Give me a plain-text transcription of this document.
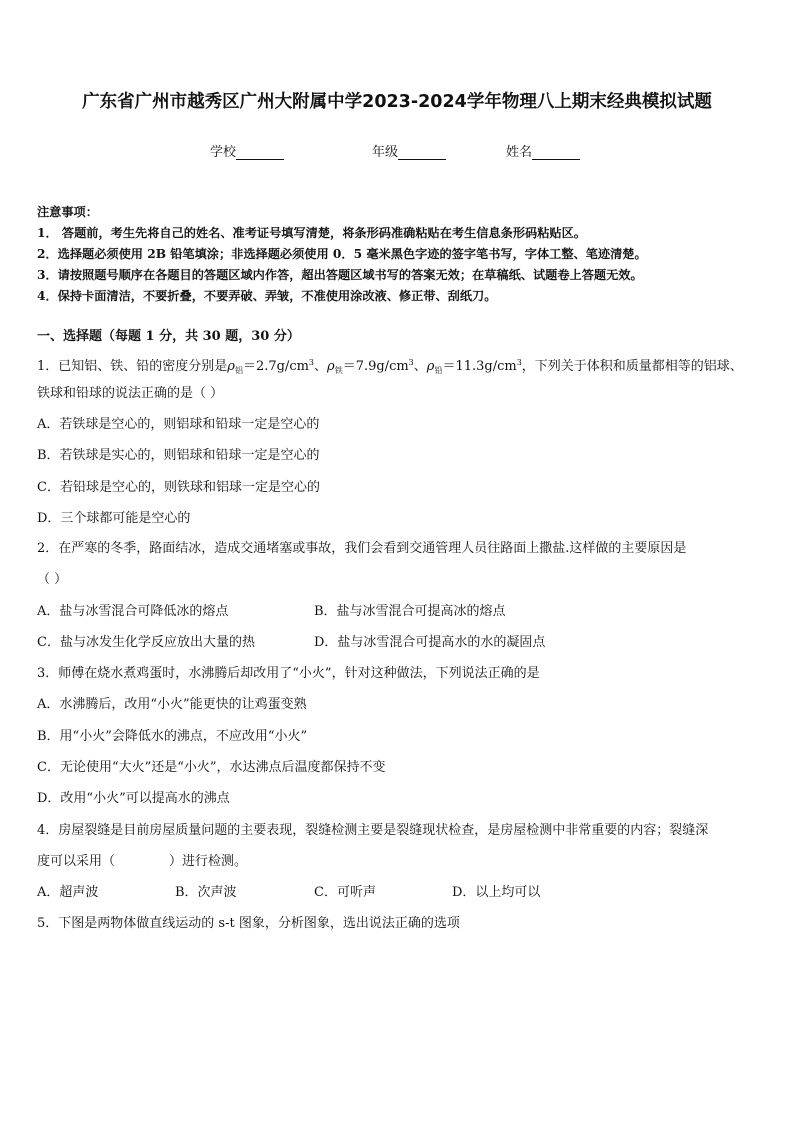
广东省广州市越秀区广州大附属中学2023-2024学年物理八上期末经典模拟试题
学校	年级	姓名
注意事项：
1． 答题前，考生先将自己的姓名、准考证号填写清楚，将条形码准确粘贴在考生信息条形码粘贴区。
2．选择题必须使用 2B 铅笔填涂；非选择题必须使用 0．5 毫米黑色字迹的签字笔书写，字体工整、笔迹清楚。
3．请按照题号顺序在各题目的答题区域内作答，超出答题区域书写的答案无效；在草稿纸、试题卷上答题无效。
4．保持卡面清洁，不要折叠，不要弄破、弄皱，不准使用涂改液、修正带、刮纸刀。
一、选择题（每题 1 分，共 30 题，30 分）
1．已知铝、铁、铅的密度分别是$\rho_铝=2.7g/cm^3$、$\rho_铁=7.9g/cm^3$、$\rho_铅=11.3g/cm^3$，下列关于体积和质量都相等的铝球、
铁球和铅球的说法正确的是（ ）
A．若铁球是空心的，则铝球和铅球一定是空心的
B．若铁球是实心的，则铝球和铅球一定是空心的
C．若铅球是空心的，则铁球和铝球一定是空心的
D．三个球都可能是空心的
2．在严寒的冬季，路面结冰，造成交通堵塞或事故，我们会看到交通管理人员往路面上撒盐.这样做的主要原因是
（ ）
A．盐与冰雪混合可降低冰的熔点	B．盐与冰雪混合可提高冰的熔点
C．盐与冰发生化学反应放出大量的热	D．盐与冰雪混合可提高水的水的凝固点
3．师傅在烧水煮鸡蛋时，水沸腾后却改用了“小火”，针对这种做法，下列说法正确的是
A．水沸腾后，改用“小火”能更快的让鸡蛋变熟
B．用“小火”会降低水的沸点，不应改用“小火”
C．无论使用“大火”还是“小火”，水达沸点后温度都保持不变
D．改用“小火”可以提高水的沸点
4．房屋裂缝是目前房屋质量问题的主要表现，裂缝检测主要是裂缝现状检查，是房屋检测中非常重要的内容；裂缝深
度可以采用（	）进行检测。
A．超声波	B．次声波	C．可听声	D．以上均可以
5．下图是两物体做直线运动的 s-t 图象，分析图象，选出说法正确的选项
